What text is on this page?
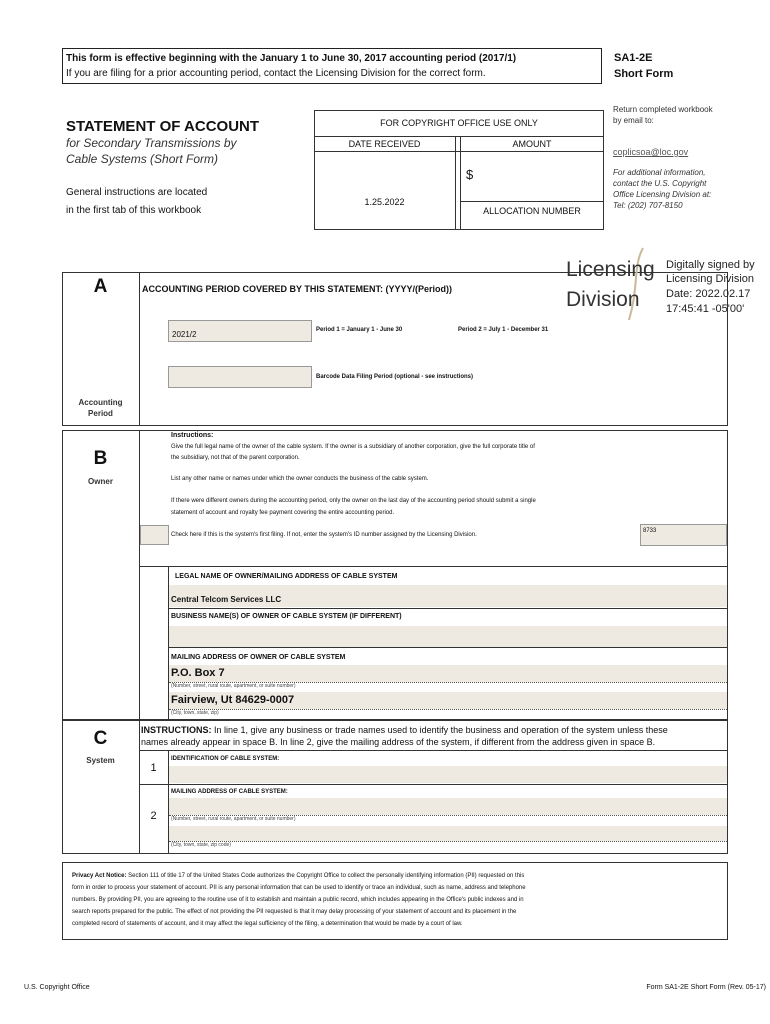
This form is effective beginning with the January 1 to June 30, 2017 accounting period (2017/1)
If you are filing for a prior accounting period, contact the Licensing Division for the correct form.
SA1-2E
Short Form
STATEMENT OF ACCOUNT
for Secondary Transmissions by
Cable Systems (Short Form)
General instructions are located
in the first tab of this workbook
FOR COPYRIGHT OFFICE USE ONLY
DATE RECEIVED
1.25.2022
AMOUNT
$
ALLOCATION NUMBER
Return completed workbook
by email to:
coplicsoa@loc.gov
For additional information,
contact the U.S. Copyright
Office Licensing Division at:
Tel: (202) 707-8150
A
Accounting
Period
ACCOUNTING PERIOD COVERED BY THIS STATEMENT: (YYYY/(Period))
2021/2	Period 1 = January 1 - June 30	Period 2 = July 1 - December 31
Barcode Data Filing Period (optional - see instructions)
Licensing
Division
Digitally signed by
Licensing Division
Date: 2022.02.17
17:45:41 -05'00'
B
Owner
Instructions:
Give the full legal name of the owner of the cable system. If the owner is a subsidiary of another corporation, give the full corporate title of
the subsidiary, not that of the parent corporation.
List any other name or names under which the owner conducts the business of the cable system.
If there were different owners during the accounting period, only the owner on the last day of the accounting period should submit a single
statement of account and royalty fee payment covering the entire accounting period.
Check here if this is the system's first filing. If not, enter the system's ID number assigned by the Licensing Division.
8733
LEGAL NAME OF OWNER/MAILING ADDRESS OF CABLE SYSTEM
Central Telcom Services LLC
BUSINESS NAME(S) OF OWNER OF CABLE SYSTEM (IF DIFFERENT)
MAILING ADDRESS OF OWNER OF CABLE SYSTEM
P.O. Box 7
(Number, street, rural route, apartment, or suite number)
Fairview, Ut 84629-0007
(City, town, state, zip)
C
System
INSTRUCTIONS: In line 1, give any business or trade names used to identify the business and operation of the system unless these
names already appear in space B. In line 2, give the mailing address of the system, if different from the address given in space B.
1
IDENTIFICATION OF CABLE SYSTEM:
2
MAILING ADDRESS OF CABLE SYSTEM:
(Number, street, rural route, apartment, or suite number)
(City, town, state, zip code)
Privacy Act Notice: Section 111 of title 17 of the United States Code authorizes the Copyright Office to collect the personally identifying information (PII) requested on this
form in order to process your statement of account. PII is any personal information that can be used to identify or trace an individual, such as name, address and telephone
numbers. By providing PII, you are agreeing to the routine use of it to establish and maintain a public record, which includes appearing in the Office's public indexes and in
search reports prepared for the public. The effect of not providing the PII requested is that it may delay processing of your statement of account and its placement in the
completed record of statements of account, and it may affect the legal sufficiency of the filing, a determination that would be made by a court of law.
U.S. Copyright Office	Form SA1-2E Short Form (Rev. 05-17)
